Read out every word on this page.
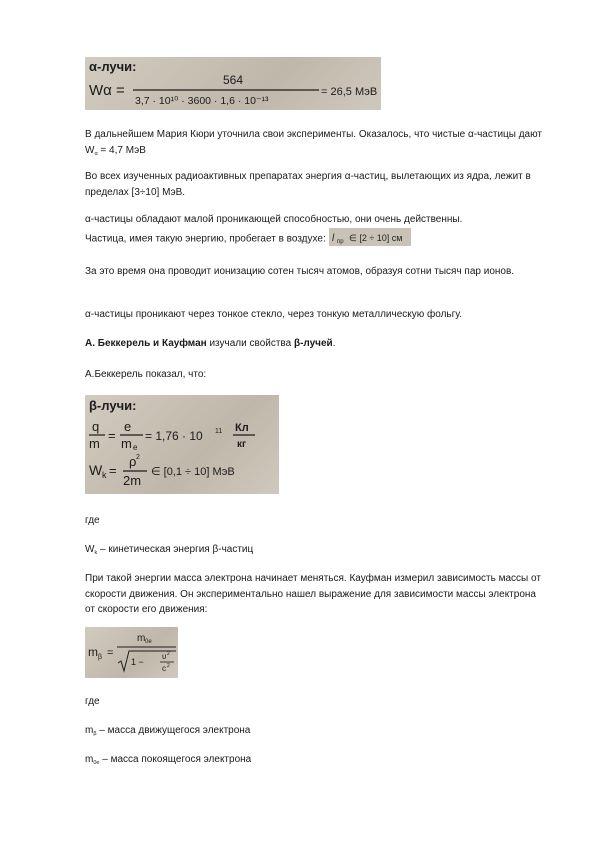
α-лучи:
Wα =
564
3,7 · 10¹⁰ · 3600 · 1,6 · 10⁻¹³
= 26,5 МэВ
В дальнейшем Мария Кюри уточнила свои эксперименты. Оказалось, что чистые α-частицы дают $W_\alpha = 4,7$ МэВ
Во всех изученных радиоактивных препаратах энергия α-частиц, вылетающих из ядра, лежит в пределах [3÷10] МэВ.
α-частицы обладают малой проникающей способностью, они очень действенны.
Частица, имея такую энергию, пробегает в воздухе: l пр ∈ [2 ÷ 10] см
За это время она проводит ионизацию сотен тысяч атомов, образуя сотни тысяч пар ионов.
α-частицы проникают через тонкое стекло, через тонкую металлическую фольгу.
А. Беккерель и Кауфман изучали свойства β-лучей.
А.Беккерель показал, что:
β-лучи:
q
m
=
e
m e
= 1,76 · 10 11 Кл
кг
W k =
ρ 2
2m
∈ [0,1 ÷ 10] МэВ
где
$W_k$ – кинетическая энергия β-частиц
При такой энергии масса электрона начинает меняться. Кауфман измерил зависимость массы от скорости движения. Он экспериментально нашел выражение для зависимости массы электрона от скорости его движения:
m β =
m 0e
1 −
υ 2
c 2
где
$m_\beta$ – масса движущегося электрона
$m_{0e}$ – масса покоящегося электрона
